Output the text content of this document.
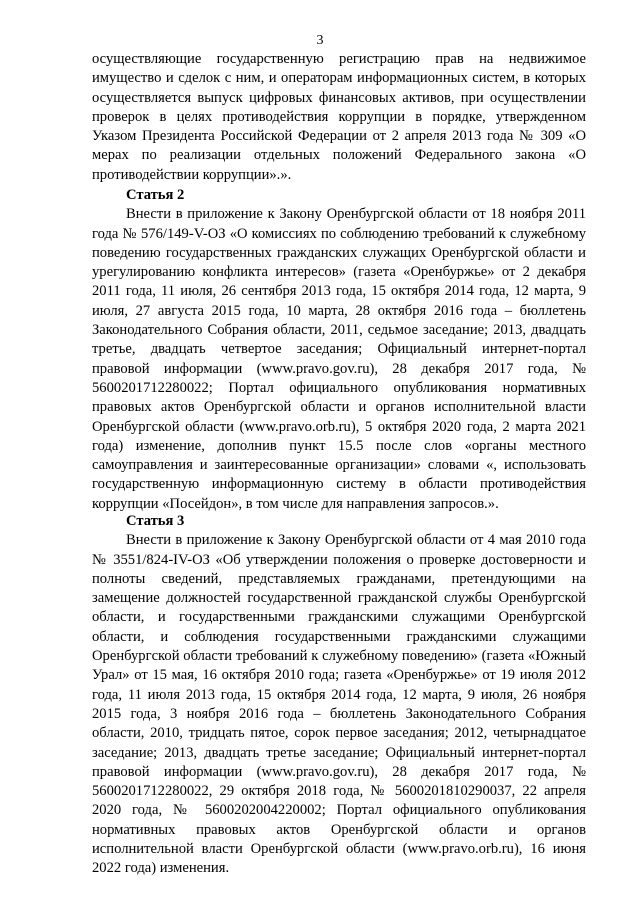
3

осуществляющие государственную регистрацию прав на недвижимое имущество и сделок с ним, и операторам информационных систем, в которых осуществляется выпуск цифровых финансовых активов, при осуществлении проверок в целях противодействия коррупции в порядке, утвержденном Указом Президента Российской Федерации от 2 апреля 2013 года № 309 «О мерах по реализации отдельных положений Федерального закона «О противодействии коррупции».».

Статья 2

Внести в приложение к Закону Оренбургской области от 18 ноября 2011 года № 576/149-V-ОЗ «О комиссиях по соблюдению требований к служебному поведению государственных гражданских служащих Оренбургской области и урегулированию конфликта интересов» (газета «Оренбуржье» от 2 декабря 2011 года, 11 июля, 26 сентября 2013 года, 15 октября 2014 года, 12 марта, 9 июля, 27 августа 2015 года, 10 марта, 28 октября 2016 года – бюллетень Законодательного Собрания области, 2011, седьмое заседание; 2013, двадцать третье, двадцать четвертое заседания; Официальный интернет-портал правовой информации (www.pravo.gov.ru), 28 декабря 2017 года, № 5600201712280022; Портал официального опубликования нормативных правовых актов Оренбургской области и органов исполнительной власти Оренбургской области (www.pravo.orb.ru), 5 октября 2020 года, 2 марта 2021 года) изменение, дополнив пункт 15.5 после слов «органы местного самоуправления и заинтересованные организации» словами «, использовать государственную информационную систему в области противодействия коррупции «Посейдон», в том числе для направления запросов.».

Статья 3

Внести в приложение к Закону Оренбургской области от 4 мая 2010 года № 3551/824-IV-ОЗ «Об утверждении положения о проверке достоверности и полноты сведений, представляемых гражданами, претендующими на замещение должностей государственной гражданской службы Оренбургской области, и государственными гражданскими служащими Оренбургской области, и соблюдения государственными гражданскими служащими Оренбургской области требований к служебному поведению» (газета «Южный Урал» от 15 мая, 16 октября 2010 года; газета «Оренбуржье» от 19 июля 2012 года, 11 июля 2013 года, 15 октября 2014 года, 12 марта, 9 июля, 26 ноября 2015 года, 3 ноября 2016 года – бюллетень Законодательного Собрания области, 2010, тридцать пятое, сорок первое заседания; 2012, четырнадцатое заседание; 2013, двадцать третье заседание; Официальный интернет-портал правовой информации (www.pravo.gov.ru), 28 декабря 2017 года, № 5600201712280022, 29 октября 2018 года, № 5600201810290037, 22 апреля 2020 года, № 5600202004220002; Портал официального опубликования нормативных правовых актов Оренбургской области и органов исполнительной власти Оренбургской области (www.pravo.orb.ru), 16 июня 2022 года) изменения.
